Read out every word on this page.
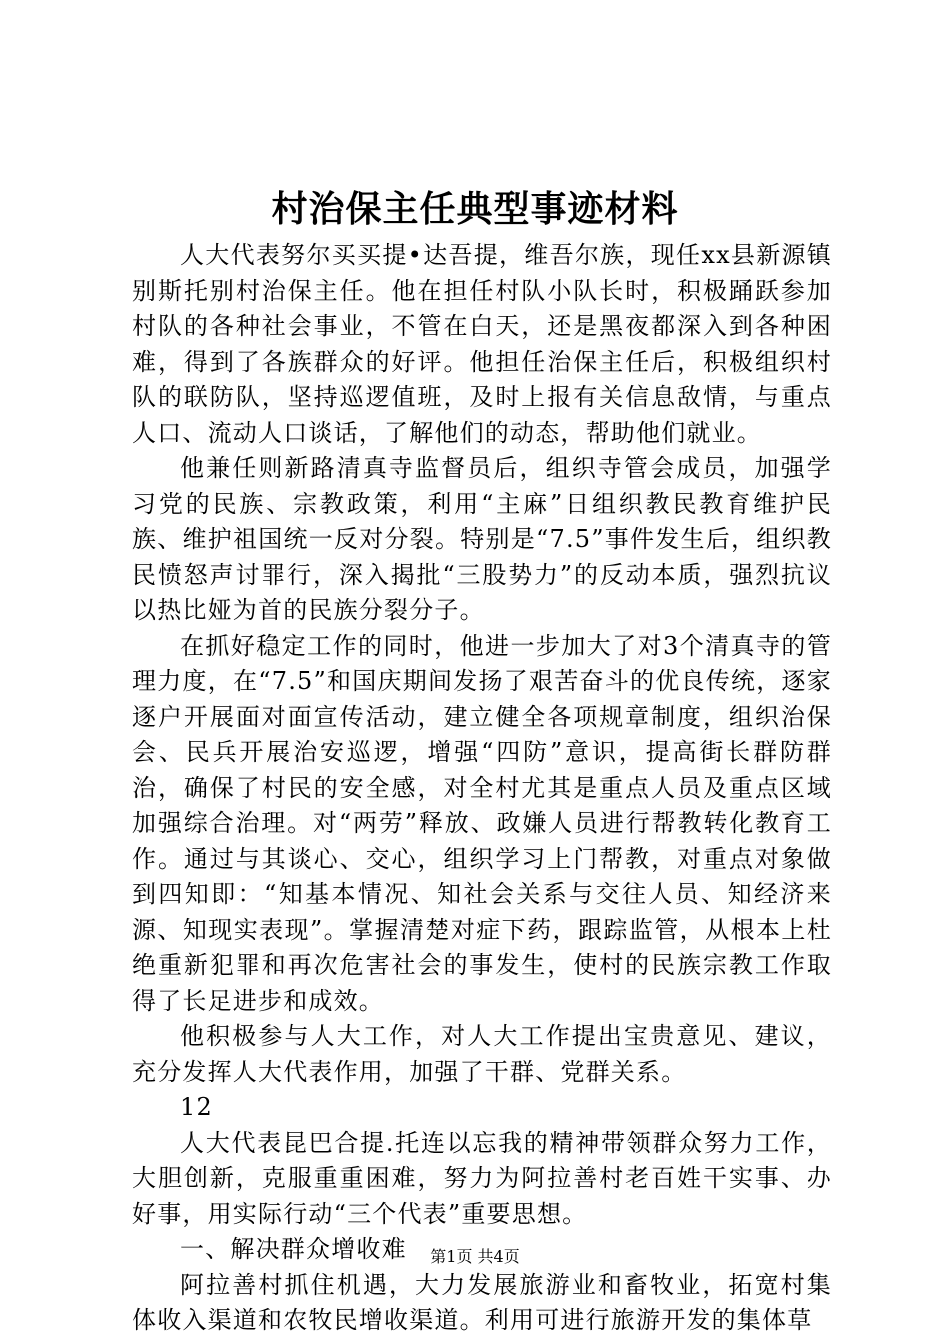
村治保主任典型事迹材料

人大代表努尔买买提•达吾提，维吾尔族，现任xx县新源镇别斯托别村治保主任。他在担任村队小队长时，积极踊跃参加村队的各种社会事业，不管在白天，还是黑夜都深入到各种困难，得到了各族群众的好评。他担任治保主任后，积极组织村队的联防队，坚持巡逻值班，及时上报有关信息敌情，与重点人口、流动人口谈话，了解他们的动态，帮助他们就业。

他兼任则新路清真寺监督员后，组织寺管会成员，加强学习党的民族、宗教政策，利用“主麻”日组织教民教育维护民族、维护祖国统一反对分裂。特别是“7.5”事件发生后，组织教民愤怒声讨罪行，深入揭批“三股势力”的反动本质，强烈抗议以热比娅为首的民族分裂分子。

在抓好稳定工作的同时，他进一步加大了对3个清真寺的管理力度，在“7.5”和国庆期间发扬了艰苦奋斗的优良传统，逐家逐户开展面对面宣传活动，建立健全各项规章制度，组织治保会、民兵开展治安巡逻，增强“四防”意识，提高街长群防群治，确保了村民的安全感，对全村尤其是重点人员及重点区域加强综合治理。对“两劳”释放、政嫌人员进行帮教转化教育工作。通过与其谈心、交心，组织学习上门帮教，对重点对象做到四知即：“知基本情况、知社会关系与交往人员、知经济来源、知现实表现”。掌握清楚对症下药，跟踪监管，从根本上杜绝重新犯罪和再次危害社会的事发生，使村的民族宗教工作取得了长足进步和成效。

他积极参与人大工作，对人大工作提出宝贵意见、建议，充分发挥人大代表作用，加强了干群、党群关系。

12

人大代表昆巴合提.托连以忘我的精神带领群众努力工作，大胆创新，克服重重困难，努力为阿拉善村老百姓干实事、办好事，用实际行动“三个代表”重要思想。

一、解决群众增收难

阿拉善村抓住机遇，大力发展旅游业和畜牧业，拓宽村集体收入渠道和农牧民增收渠道。利用可进行旅游开发的集体草

第1页 共4页
